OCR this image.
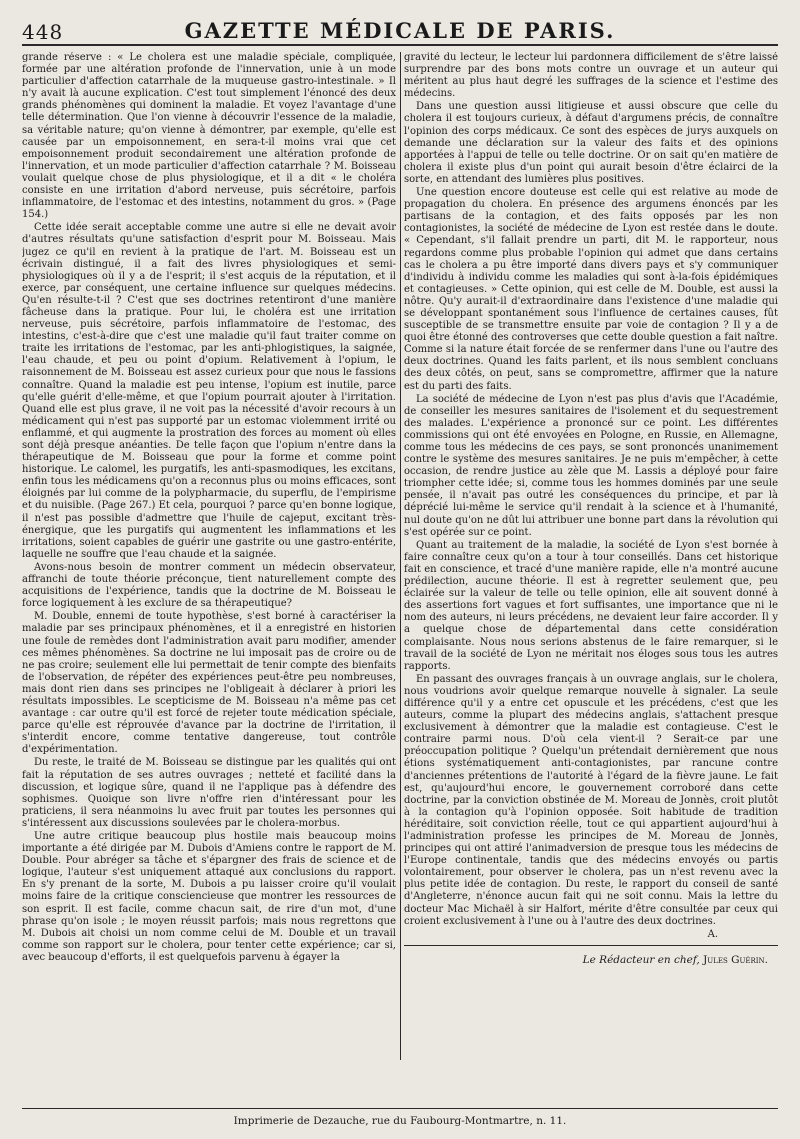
448	GAZETTE MÉDICALE DE PARIS.

grande réserve : « Le cholera est une maladie spéciale, compliquée, formée par une altération profonde de l'innervation, unie à un mode particulier d'affection catarrhale de la muqueuse gastro-intestinale. » Il n'y avait là aucune explication. C'est tout simplement l'énoncé des deux grands phénomènes qui dominent la maladie. Et voyez l'avantage d'une telle détermination. Que l'on vienne à découvrir l'essence de la maladie, sa véritable nature; qu'on vienne à démontrer, par exemple, qu'elle est causée par un empoisonnement, en sera-t-il moins vrai que cet empoisonnement produit secondairement une altération profonde de l'innervation, et un mode particulier d'affection catarrhale ? M. Boisseau voulait quelque chose de plus physiologique, et il a dit « le choléra consiste en une irritation d'abord nerveuse, puis sécrétoire, parfois inflammatoire, de l'estomac et des intestins, notamment du gros. » (Page 154.)

Cette idée serait acceptable comme une autre si elle ne devait avoir d'autres résultats qu'une satisfaction d'esprit pour M. Boisseau. Mais jugez ce qu'il en revient à la pratique de l'art. M. Boisseau est un écrivain distingué, il a fait des livres physiologiques et semi-physiologiques où il y a de l'esprit; il s'est acquis de la réputation, et il exerce, par conséquent, une certaine influence sur quelques médecins. Qu'en résulte-t-il ? C'est que ses doctrines retentiront d'une manière fâcheuse dans la pratique. Pour lui, le choléra est une irritation nerveuse, puis sécrétoire, parfois inflammatoire de l'estomac, des intestins, c'est-à-dire que c'est une maladie qu'il faut traiter comme on traite les irritations de l'estomac, par les anti-phlogistiques, la saignée, l'eau chaude, et peu ou point d'opium. Relativement à l'opium, le raisonnement de M. Boisseau est assez curieux pour que nous le fassions connaître. Quand la maladie est peu intense, l'opium est inutile, parce qu'elle guérit d'elle-même, et que l'opium pourrait ajouter à l'irritation. Quand elle est plus grave, il ne voit pas la nécessité d'avoir recours à un médicament qui n'est pas supporté par un estomac violemment irrité ou enflammé, et qui augmente la prostration des forces au moment où elles sont déjà presque anéanties. De telle façon que l'opium n'entre dans la thérapeutique de M. Boisseau que pour la forme et comme point historique. Le calomel, les purgatifs, les anti-spasmodiques, les excitans, enfin tous les médicamens qu'on a reconnus plus ou moins efficaces, sont éloignés par lui comme de la polypharmacie, du superflu, de l'empirisme et du nuisible. (Page 267.) Et cela, pourquoi ? parce qu'en bonne logique, il n'est pas possible d'admettre que l'huile de cajeput, excitant très-énergique, que les purgatifs qui augmentent les inflammations et les irritations, soient capables de guérir une gastrite ou une gastro-entérite, laquelle ne souffre que l'eau chaude et la saignée.

Avons-nous besoin de montrer comment un médecin observateur, affranchi de toute théorie préconçue, tient naturellement compte des acquisitions de l'expérience, tandis que la doctrine de M. Boisseau le force logiquement à les exclure de sa thérapeutique?

M. Double, ennemi de toute hypothèse, s'est borné à caractériser la maladie par ses principaux phénomènes, et il a enregistré en historien une foule de remèdes dont l'administration avait paru modifier, amender ces mêmes phénomènes. Sa doctrine ne lui imposait pas de croire ou de ne pas croire; seulement elle lui permettait de tenir compte des bienfaits de l'observation, de répéter des expériences peut-être peu nombreuses, mais dont rien dans ses principes ne l'obligeait à déclarer à priori les résultats impossibles. Le scepticisme de M. Boisseau n'a même pas cet avantage : car outre qu'il est forcé de rejeter toute médication spéciale, parce qu'elle est réprouvée d'avance par la doctrine de l'irritation, il s'interdit encore, comme tentative dangereuse, tout contrôle d'expérimentation.

Du reste, le traité de M. Boisseau se distingue par les qualités qui ont fait la réputation de ses autres ouvrages ; netteté et facilité dans la discussion, et logique sûre, quand il ne l'applique pas à défendre des sophismes. Quoique son livre n'offre rien d'intéressant pour les praticiens, il sera néanmoins lu avec fruit par toutes les personnes qui s'intéressent aux discussions soulevées par le cholera-morbus.

Une autre critique beaucoup plus hostile mais beaucoup moins importante a été dirigée par M. Dubois d'Amiens contre le rapport de M. Double. Pour abréger sa tâche et s'épargner des frais de science et de logique, l'auteur s'est uniquement attaqué aux conclusions du rapport. En s'y prenant de la sorte, M. Dubois a pu laisser croire qu'il voulait moins faire de la critique consciencieuse que montrer les ressources de son esprit. Il est facile, comme chacun sait, de rire d'un mot, d'une phrase qu'on isole ; le moyen réussit parfois; mais nous regrettons que M. Dubois ait choisi un nom comme celui de M. Double et un travail comme son rapport sur le cholera, pour tenter cette expérience; car si, avec beaucoup d'efforts, il est quelquefois parvenu à égayer la

gravité du lecteur, le lecteur lui pardonnera difficilement de s'être laissé surprendre par des bons mots contre un ouvrage et un auteur qui méritent au plus haut degré les suffrages de la science et l'estime des médecins.

Dans une question aussi litigieuse et aussi obscure que celle du cholera il est toujours curieux, à défaut d'argumens précis, de connaître l'opinion des corps médicaux. Ce sont des espèces de jurys auxquels on demande une déclaration sur la valeur des faits et des opinions apportées à l'appui de telle ou telle doctrine. Or on sait qu'en matière de cholera il existe plus d'un point qui aurait besoin d'être éclairci de la sorte, en attendant des lumières plus positives.

Une question encore douteuse est celle qui est relative au mode de propagation du cholera. En présence des argumens énoncés par les partisans de la contagion, et des faits opposés par les non contagionistes, la société de médecine de Lyon est restée dans le doute. « Cependant, s'il fallait prendre un parti, dit M. le rapporteur, nous regardons comme plus probable l'opinion qui admet que dans certains cas le cholera a pu être importé dans divers pays et s'y communiquer d'individu à individu comme les maladies qui sont à-la-fois épidémiques et contagieuses. » Cette opinion, qui est celle de M. Double, est aussi la nôtre. Qu'y aurait-il d'extraordinaire dans l'existence d'une maladie qui se développant spontanément sous l'influence de certaines causes, fût susceptible de se transmettre ensuite par voie de contagion ? Il y a de quoi être étonné des controverses que cette double question a fait naître. Comme si la nature était forcée de se renfermer dans l'une ou l'autre des deux doctrines. Quand les faits parlent, et ils nous semblent concluans des deux côtés, on peut, sans se compromettre, affirmer que la nature est du parti des faits.

La société de médecine de Lyon n'est pas plus d'avis que l'Académie, de conseiller les mesures sanitaires de l'isolement et du sequestrement des malades. L'expérience a prononcé sur ce point. Les différentes commissions qui ont été envoyées en Pologne, en Russie, en Allemagne, comme tous les médecins de ces pays, se sont prononcés unanimement contre le système des mesures sanitaires. Je ne puis m'empêcher, à cette occasion, de rendre justice au zèle que M. Lassis a déployé pour faire triompher cette idée; si, comme tous les hommes dominés par une seule pensée, il n'avait pas outré les conséquences du principe, et par là déprécié lui-même le service qu'il rendait à la science et à l'humanité, nul doute qu'on ne dût lui attribuer une bonne part dans la révolution qui s'est opérée sur ce point.

Quant au traitement de la maladie, la société de Lyon s'est bornée à faire connaître ceux qu'on a tour à tour conseillés. Dans cet historique fait en conscience, et tracé d'une manière rapide, elle n'a montré aucune prédilection, aucune théorie. Il est à regretter seulement que, peu éclairée sur la valeur de telle ou telle opinion, elle ait souvent donné à des assertions fort vagues et fort suffisantes, une importance que ni le nom des auteurs, ni leurs précédens, ne devaient leur faire accorder. Il y a quelque chose de départemental dans cette considération complaisante. Nous nous serions abstenus de le faire remarquer, si le travail de la société de Lyon ne méritait nos éloges sous tous les autres rapports.

En passant des ouvrages français à un ouvrage anglais, sur le cholera, nous voudrions avoir quelque remarque nouvelle à signaler. La seule différence qu'il y a entre cet opuscule et les précédens, c'est que les auteurs, comme la plupart des médecins anglais, s'attachent presque exclusivement à démontrer que la maladie est contagieuse. C'est le contraire parmi nous. D'où cela vient-il ? Serait-ce par une préoccupation politique ? Quelqu'un prétendait dernièrement que nous étions systématiquement anti-contagionistes, par rancune contre d'anciennes prétentions de l'autorité à l'égard de la fièvre jaune. Le fait est, qu'aujourd'hui encore, le gouvernement corroboré dans cette doctrine, par la conviction obstinée de M. Moreau de Jonnès, croit plutôt à la contagion qu'à l'opinion opposée. Soit habitude de tradition héréditaire, soit conviction réelle, tout ce qui appartient aujourd'hui à l'administration professe les principes de M. Moreau de Jonnès, principes qui ont attiré l'animadversion de presque tous les médecins de l'Europe continentale, tandis que des médecins envoyés ou partis volontairement, pour observer le cholera, pas un n'est revenu avec la plus petite idée de contagion. Du reste, le rapport du conseil de santé d'Angleterre, n'énonce aucun fait qui ne soit connu. Mais la lettre du docteur Mac Michaël à sir Halfort, mérite d'être consultée par ceux qui croient exclusivement à l'une ou à l'autre des deux doctrines.

A.

Le Rédacteur en chef, Jules Guérin.
Imprimerie de Dezauche, rue du Faubourg-Montmartre, n. 11.
